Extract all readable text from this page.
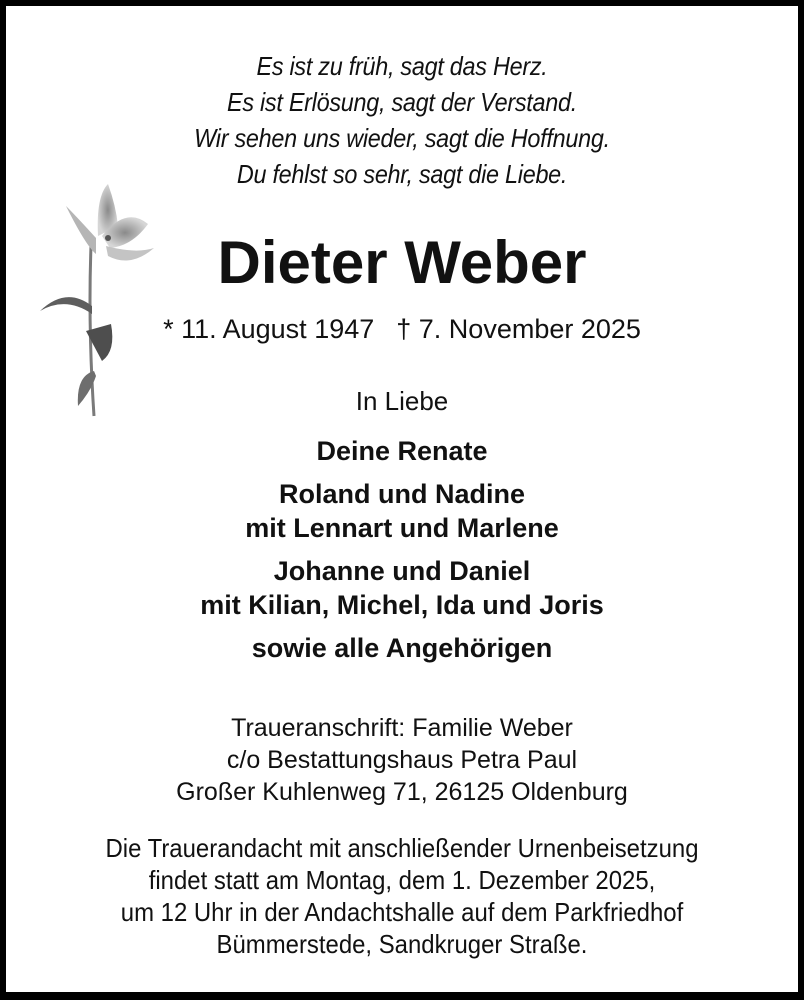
Es ist zu früh, sagt das Herz.
Es ist Erlösung, sagt der Verstand.
Wir sehen uns wieder, sagt die Hoffnung.
Du fehlst so sehr, sagt die Liebe.
Dieter Weber
* 11. August 1947 † 7. November 2025
In Liebe
Deine Renate
Roland und Nadine
mit Lennart und Marlene
Johanne und Daniel
mit Kilian, Michel, Ida und Joris
sowie alle Angehörigen
Traueranschrift: Familie Weber
c/o Bestattungshaus Petra Paul
Großer Kuhlenweg 71, 26125 Oldenburg
Die Trauerandacht mit anschließender Urnenbeisetzung
findet statt am Montag, dem 1. Dezember 2025,
um 12 Uhr in der Andachtshalle auf dem Parkfriedhof
Bümmerstede, Sandkruger Straße.
